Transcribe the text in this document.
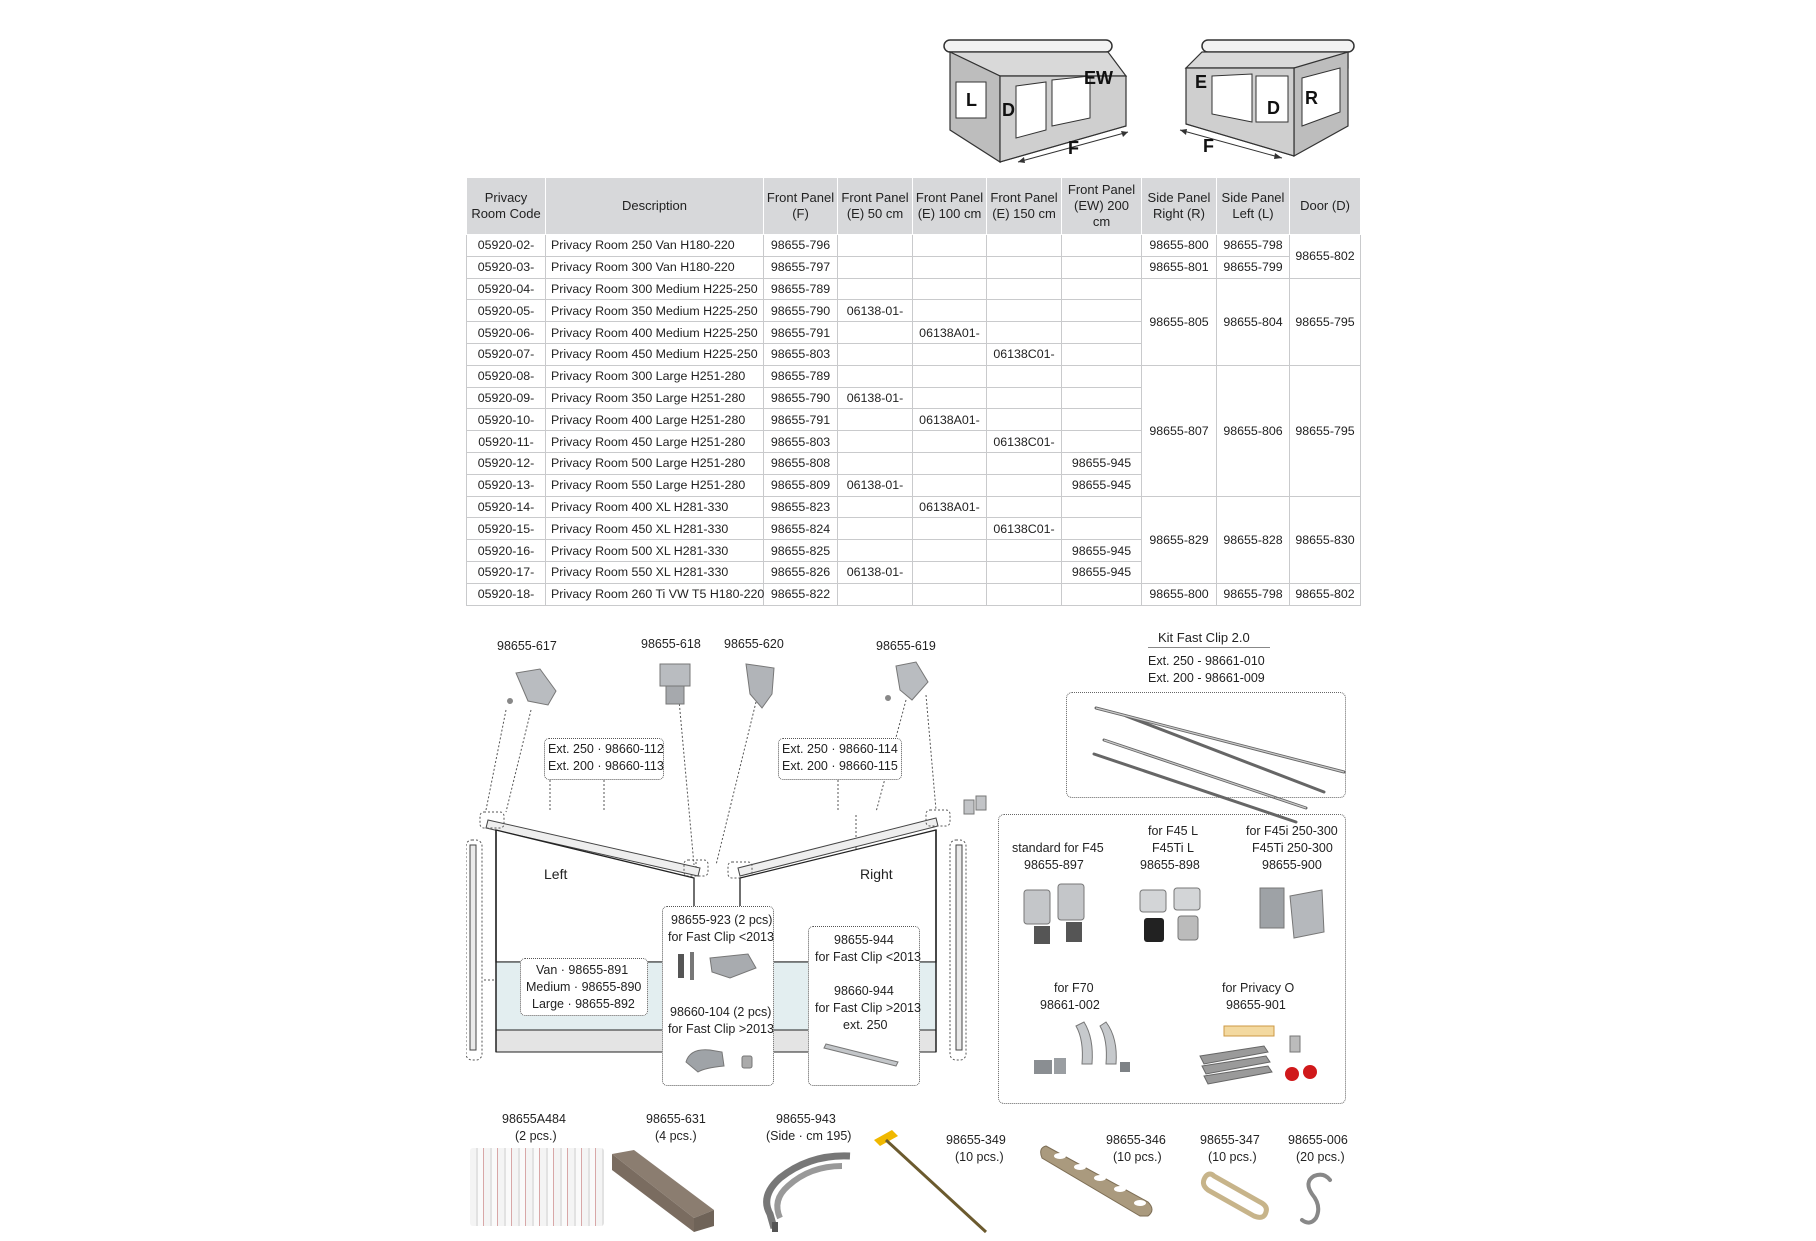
L D
EW
F
E
D R
F
Privacy Room Code	Description	Front Panel (F)	Front Panel (E) 50 cm	Front Panel (E) 100 cm	Front Panel (E) 150 cm	Front Panel (EW) 200 cm	Side Panel Right (R)	Side Panel Left (L)	Door (D)
05920-02-	Privacy Room 250 Van H180-220	98655-796					98655-800	98655-798	98655-802
05920-03-	Privacy Room 300 Van H180-220	98655-797					98655-801	98655-799	
05920-04-	Privacy Room 300 Medium H225-250	98655-789					98655-805	98655-804	98655-795
05920-05-	Privacy Room 350 Medium H225-250	98655-790	06138-01-						
05920-06-	Privacy Room 400 Medium H225-250	98655-791		06138A01-					
05920-07-	Privacy Room 450 Medium H225-250	98655-803			06138C01-				
05920-08-	Privacy Room 300 Large H251-280	98655-789					98655-807	98655-806	98655-795
05920-09-	Privacy Room 350 Large H251-280	98655-790	06138-01-						
05920-10-	Privacy Room 400 Large H251-280	98655-791		06138A01-					
05920-11-	Privacy Room 450 Large H251-280	98655-803			06138C01-				
05920-12-	Privacy Room 500 Large H251-280	98655-808				98655-945			
05920-13-	Privacy Room 550 Large H251-280	98655-809	06138-01-			98655-945			
05920-14-	Privacy Room 400 XL H281-330	98655-823		06138A01-			98655-829	98655-828	98655-830
05920-15-	Privacy Room 450 XL H281-330	98655-824			06138C01-				
05920-16-	Privacy Room 500 XL H281-330	98655-825				98655-945			
05920-17-	Privacy Room 550 XL H281-330	98655-826	06138-01-			98655-945			
05920-18-	Privacy Room 260 Ti VW T5 H180-220	98655-822					98655-800	98655-798	98655-802
98655-617	98655-618 98655-620	98655-619
Ext. 250 · 98660-112
Ext. 200 · 98660-113
Ext. 250 · 98660-114
Ext. 200 · 98660-115
Left	Right
Van · 98655-891
Medium · 98655-890
Large · 98655-892
98655-923 (2 pcs)
for Fast Clip <2013
98660-104 (2 pcs)
for Fast Clip >2013
98655-944
for Fast Clip <2013
98660-944
for Fast Clip >2013
ext. 250
Kit Fast Clip 2.0
Ext. 250 - 98661-010
Ext. 200 - 98661-009
standard for F45
98655-897
for F45 L
F45Ti L
98655-898
for F45i 250-300
F45Ti 250-300
98655-900
for F70
98661-002
for Privacy O
98655-901
98655A484
(2 pcs.)
98655-631
(4 pcs.)
98655-943
(Side · cm 195)	98655-349
(10 pcs.)
98655-346
(10 pcs.)
98655-347
(10 pcs.)
98655-006
(20 pcs.)
